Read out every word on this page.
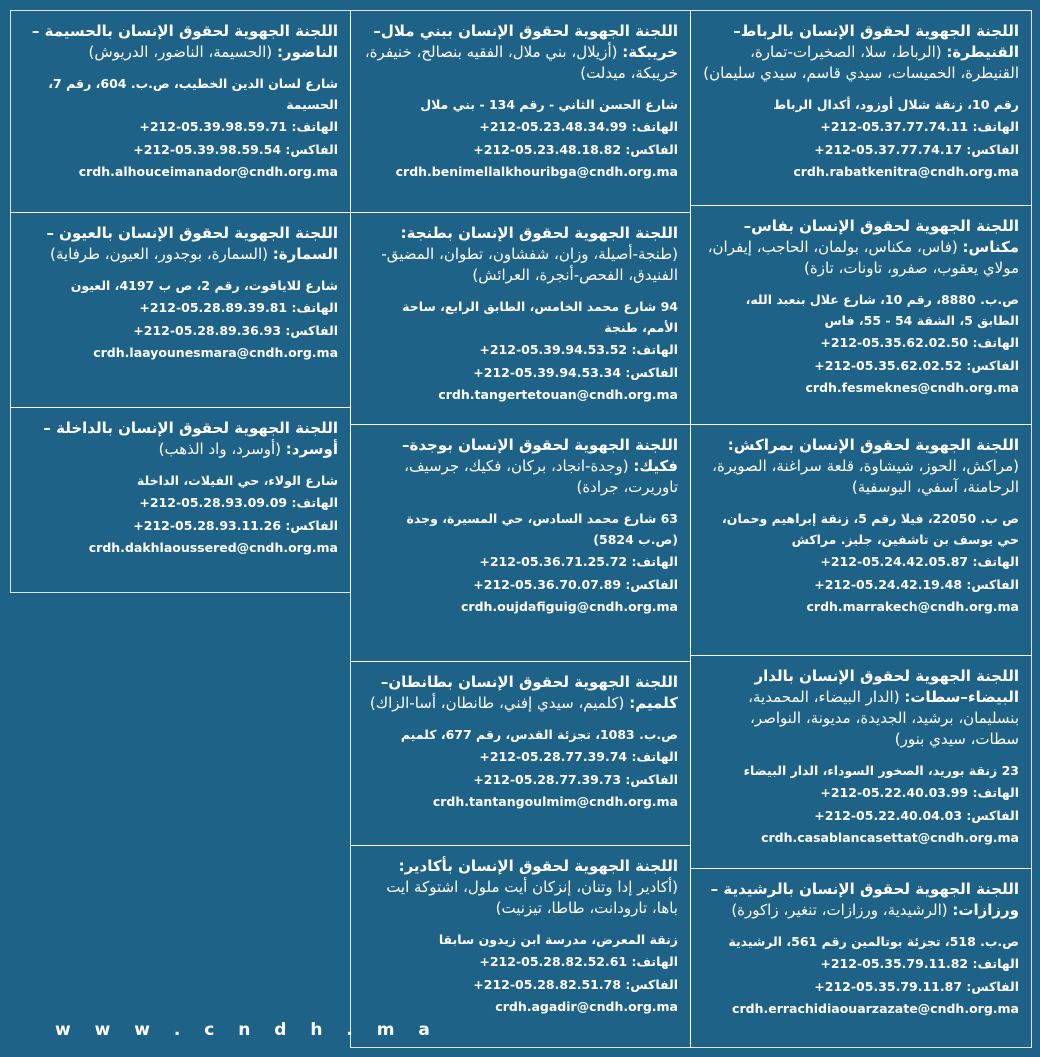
اللجنة الجهوية لحقوق الإنسان بالرباط–القنيطرة: (الرباط، سلا، الصخيرات-تمارة، القنيطرة، الخميسات، سيدي قاسم، سيدي سليمان)

رقم 10، زنقة شلال أوزود، أكدال الرباط

الهاتف: +212-05.37.77.74.11

الفاكس: +212-05.37.77.74.17

crdh.rabatkenitra@cndh.org.ma

اللجنة الجهوية لحقوق الإنسان بفاس–مكناس: (فاس، مكناس، بولمان، الحاجب، إيفران، مولاي يعقوب، صفرو، تاونات، تازة)

ص.ب. 8880، رقم 10، شارع علال بنعبد الله، الطابق 5، الشقة 54 - 55، فاس

الهاتف: +212-05.35.62.02.50

الفاكس: +212-05.35.62.02.52

crdh.fesmeknes@cndh.org.ma

اللجنة الجهوية لحقوق الإنسان بمراكش: (مراكش، الحوز، شيشاوة، قلعة سراغنة، الصويرة، الرحامنة، آسفي، اليوسفية)

ص ب. 22050، فيلا رقم 5، زنقة إبراهيم وحمان، حي يوسف بن تاشفين، جليز. مراكش

الهاتف: +212-05.24.42.05.87

الفاكس: +212-05.24.42.19.48

crdh.marrakech@cndh.org.ma

اللجنة الجهوية لحقوق الإنسان بالدار البيضاء–سطات: (الدار البيضاء، المحمدية، بنسليمان، برشيد، الجديدة، مديونة، النواصر، سطات، سيدي بنور)

23 زنقة بوريد، الصخور السوداء، الدار البيضاء

الهاتف: +212-05.22.40.03.99

الفاكس: +212-05.22.40.04.03

crdh.casablancasettat@cndh.org.ma

اللجنة الجهوية لحقوق الإنسان بالرشيدية –ورزازات: (الرشيدية، ورزازات، تنغير، زاكورة)

ص.ب. 518، تجزئة بوتالمين رقم 561، الرشيدية

الهاتف: +212-05.35.79.11.82

الفاكس: +212-05.35.79.11.87

crdh.errachidiaouarzazate@cndh.org.ma

اللجنة الجهوية لحقوق الإنسان ببني ملال–خريبكة: (أزيلال، بني ملال، الفقيه بنصالح، خنيفرة، خريبكة، ميدلت)

شارع الحسن الثاني - رقم 134 - بني ملال

الهاتف: +212-05.23.48.34.99

الفاكس: +212-05.23.48.18.82

crdh.benimellalkhouribga@cndh.org.ma

اللجنة الجهوية لحقوق الإنسان بطنجة: (طنجة-أصيلة، وزان، شفشاون، تطوان، المضيق-الفنيدق، الفحص-أنجرة، العرائش)

94 شارع محمد الخامس، الطابق الرابع، ساحة الأمم، طنجة

الهاتف: +212-05.39.94.53.52

الفاكس: +212-05.39.94.53.34

crdh.tangertetouan@cndh.org.ma

اللجنة الجهوية لحقوق الإنسان بوجدة–فكيك: (وجدة-انجاد، بركان، فكيك، جرسيف، تاوريرت، جرادة)

63 شارع محمد السادس، حي المسيرة، وجدة (ص.ب 5824)

الهاتف: +212-05.36.71.25.72

الفاكس: +212-05.36.70.07.89

crdh.oujdafiguig@cndh.org.ma

اللجنة الجهوية لحقوق الإنسان بطانطان–كلميم: (كلميم، سيدي إفني، طانطان، أسا-الزاك)

ص.ب. 1083، تجزئة القدس، رقم 677، كلميم

الهاتف: +212-05.28.77.39.74

الفاكس: +212-05.28.77.39.73

crdh.tantangoulmim@cndh.org.ma

اللجنة الجهوية لحقوق الإنسان بأكادير: (أكادير إدا وتنان، إنزكان أيت ملول، اشتوكة ايت باها، تارودانت، طاطا، تيزنيت)

زنقة المعرض، مدرسة ابن زيدون سابقا

الهاتف: +212-05.28.82.52.61

الفاكس: +212-05.28.82.51.78

crdh.agadir@cndh.org.ma

اللجنة الجهوية لحقوق الإنسان بالحسيمة – الناضور: (الحسيمة، الناضور، الدريوش)

شارع لسان الدين الخطيب، ص.ب. 604، رقم 7، الحسيمة

الهاتف: +212-05.39.98.59.71

الفاكس: +212-05.39.98.59.54

crdh.alhouceimanador@cndh.org.ma

اللجنة الجهوية لحقوق الإنسان بالعيون – السمارة: (السمارة، بوجدور، العيون، طرفاية)

شارع للاياقوت، رقم 2، ص ب 4197، العيون

الهاتف: +212-05.28.89.39.81

الفاكس: +212-05.28.89.36.93

crdh.laayounesmara@cndh.org.ma

اللجنة الجهوية لحقوق الإنسان بالداخلة – أوسرد: (أوسرد، واد الذهب)

شارع الولاء، حي الفيلات، الداخلة

الهاتف: +212-05.28.93.09.09

الفاكس: +212-05.28.93.11.26

crdh.dakhlaoussered@cndh.org.ma

w w w . c n d h . m a
